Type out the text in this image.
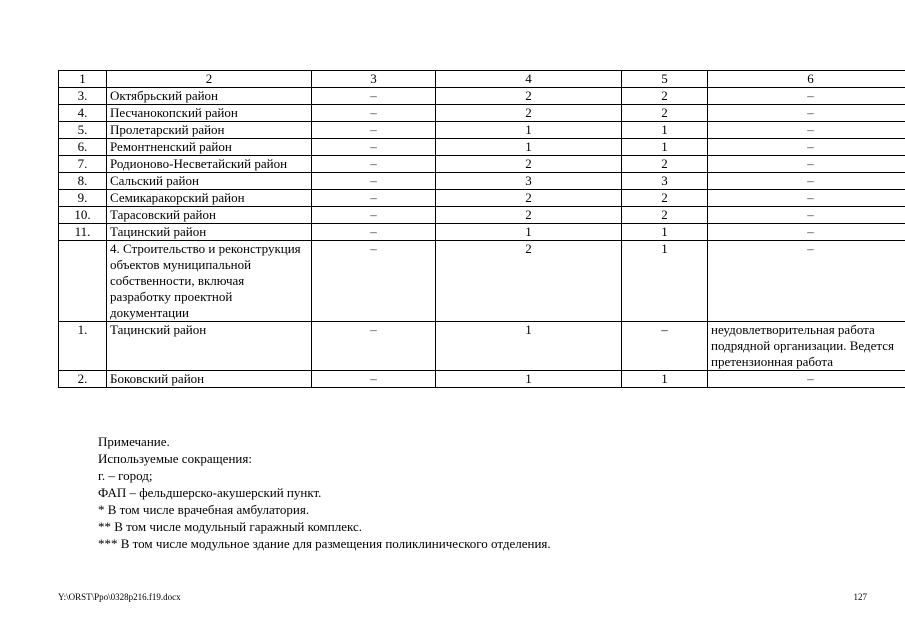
1	2	3	4	5	6
3.	Октябрьский район	–	2	2	–
4.	Песчанокопский район	–	2	2	–
5.	Пролетарский район	–	1	1	–
6.	Ремонтненский район	–	1	1	–
7.	Родионово-Несветайский район	–	2	2	–
8.	Сальский район	–	3	3	–
9.	Семикаракорский район	–	2	2	–
10.	Тарасовский район	–	2	2	–
11.	Тацинский район	–	1	1	–
	4. Строительство и реконструкция объектов муниципальной собственности, включая разработку проектной документации	–	2	1	–
1.	Тацинский район	–	1	–	неудовлетворительная работа подрядной организации. Ведется претензионная работа
2.	Боковский район	–	1	1	–
Примечание.
Используемые сокращения:
г. – город;
ФАП – фельдшерско-акушерский пункт.
* В том числе врачебная амбулатория.
** В том числе модульный гаражный комплекс.
*** В том числе модульное здание для размещения поликлинического отделения.
Y:\ORST\Ppo\0328p216.f19.docx	127
